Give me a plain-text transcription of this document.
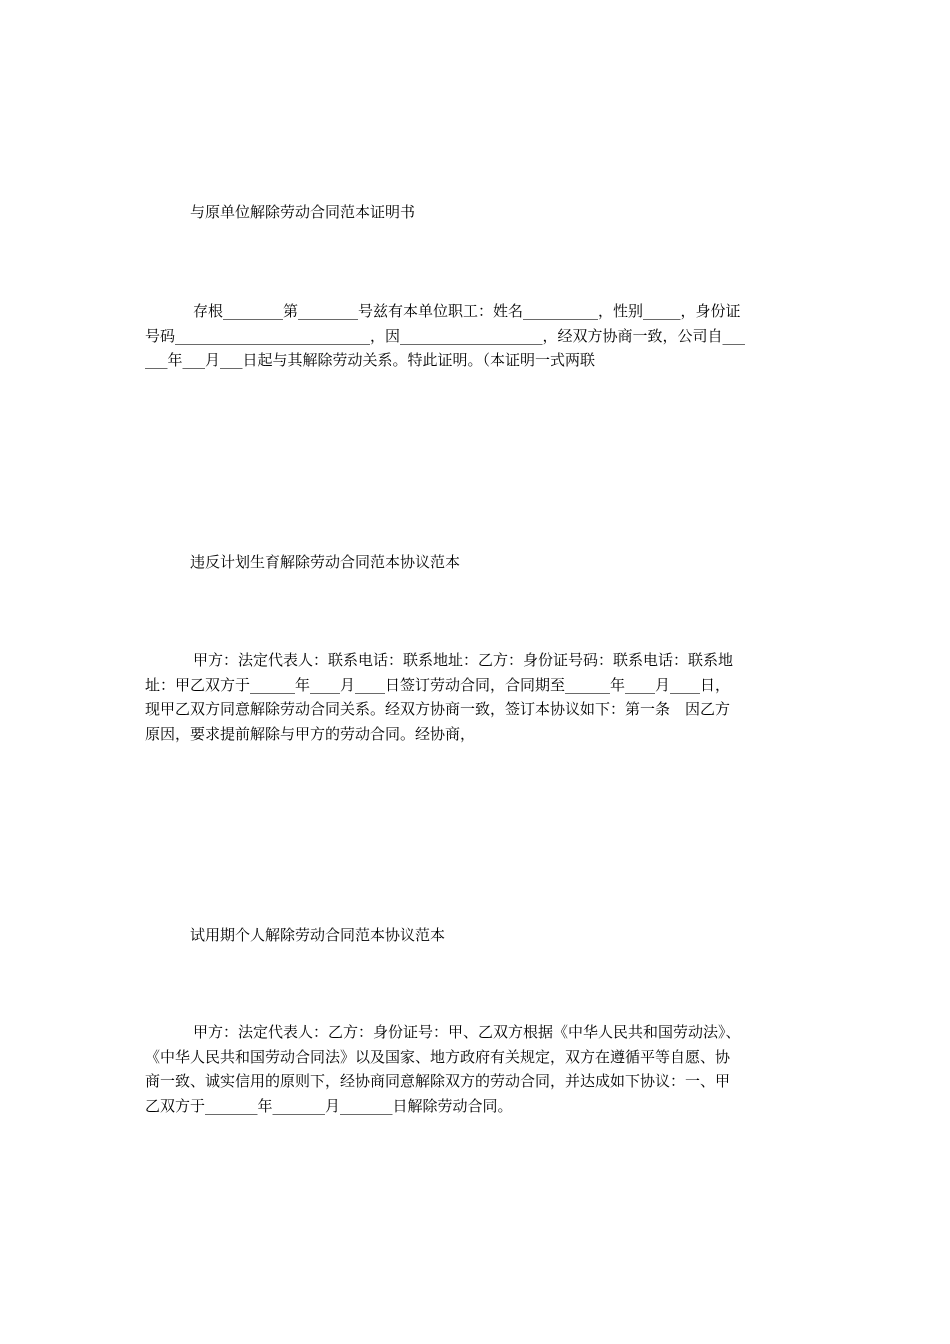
与原单位解除劳动合同范本证明书
存根________第________号兹有本单位职工：姓名__________，性别_____，身份证
号码__________________________，因___________________，经双方协商一致，公司自___
___年___月___日起与其解除劳动关系。特此证明。（本证明一式两联
违反计划生育解除劳动合同范本协议范本
甲方：法定代表人：联系电话：联系地址：乙方：身份证号码：联系电话：联系地
址：甲乙双方于______年____月____日签订劳动合同，合同期至______年____月____日，
现甲乙双方同意解除劳动合同关系。经双方协商一致，签订本协议如下：第一条　因乙方
原因，要求提前解除与甲方的劳动合同。经协商，
试用期个人解除劳动合同范本协议范本
甲方：法定代表人：乙方：身份证号：甲、乙双方根据《中华人民共和国劳动法》、
《中华人民共和国劳动合同法》以及国家、地方政府有关规定，双方在遵循平等自愿、协
商一致、诚实信用的原则下，经协商同意解除双方的劳动合同，并达成如下协议：一、甲
乙双方于_______年_______月_______日解除劳动合同。
